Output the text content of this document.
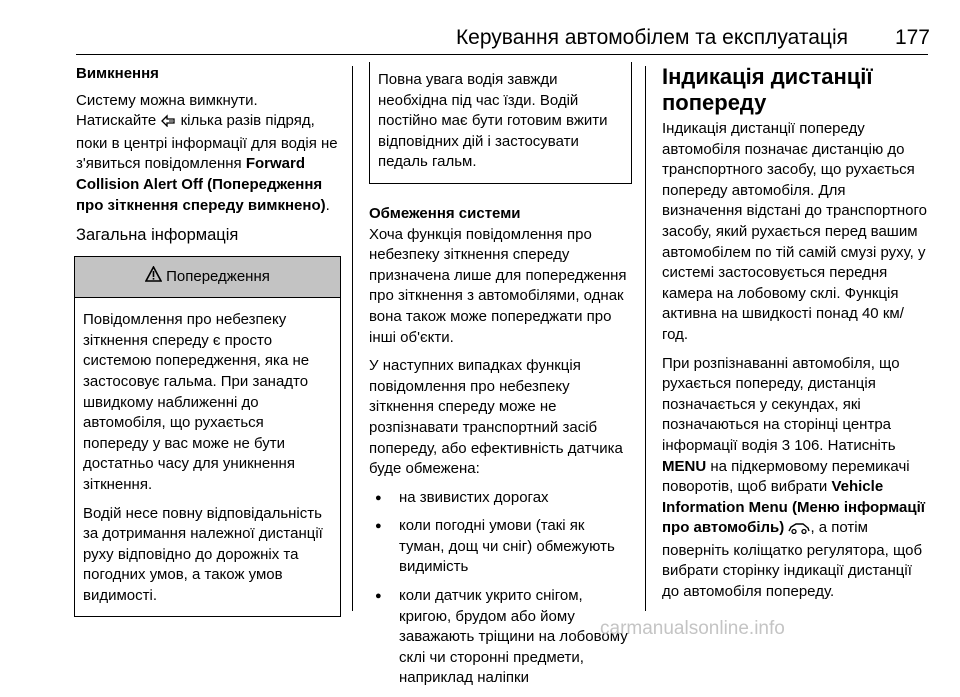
Керування автомобілем та експлуатація 177
Вимкнення

Систему можна вимкнути. Натискайте  кілька разів підряд, поки в центрі інформації для водія не з'явиться повідомлення Forward Collision Alert Off (Попередження про зіткнення спереду вимкнено).

Загальна інформація
Попередження

Повідомлення про небезпеку зіткнення спереду є просто системою попередження, яка не застосовує гальма. При занадто швидкому наближенні до автомобіля, що рухається попереду у вас може не бути достатньо часу для уникнення зіткнення.

Водій несе повну відповідальність за дотримання належної дистанції руху відповідно до дорожніх та погодних умов, а також умов видимості.

Повна увага водія завжди необхідна під час їзди. Водій постійно має бути готовим вжити відповідних дій і застосувати педаль гальм.

Обмеження системи

Хоча функція повідомлення про небезпеку зіткнення спереду призначена лише для попередження про зіткнення з автомобілями, однак вона також може попереджати про інші об'єкти.

У наступних випадках функція повідомлення про небезпеку зіткнення спереду може не розпізнавати транспортний засіб попереду, або ефективність датчика буде обмежена:

● на звивистих дорогах
● коли погодні умови (такі як туман, дощ чи сніг) обмежують видимість
● коли датчик укрито снігом, кригою, брудом або йому заважають тріщини на лобовому склі чи сторонні предмети, наприклад наліпки
Індикація дистанції попереду

Індикація дистанції попереду автомобіля позначає дистанцію до транспортного засобу, що рухається попереду автомобіля. Для визначення відстані до транспортного засобу, який рухається перед вашим автомобілем по тій самій смузі руху, у системі застосовується передня камера на лобовому склі. Функція активна на швидкості понад 40 км/год.

При розпізнаванні автомобіля, що рухається попереду, дистанція позначається у секундах, які позначаються на сторінці центра інформації водія 3 106. Натисніть MENU на підкермовому перемикачі поворотів, щоб вибрати Vehicle Information Menu (Меню інформації про автомобіль) , а потім поверніть коліщатко регулятора, щоб вибрати сторінку індикації дистанції до автомобіля попереду.

carmanualsonline.info
